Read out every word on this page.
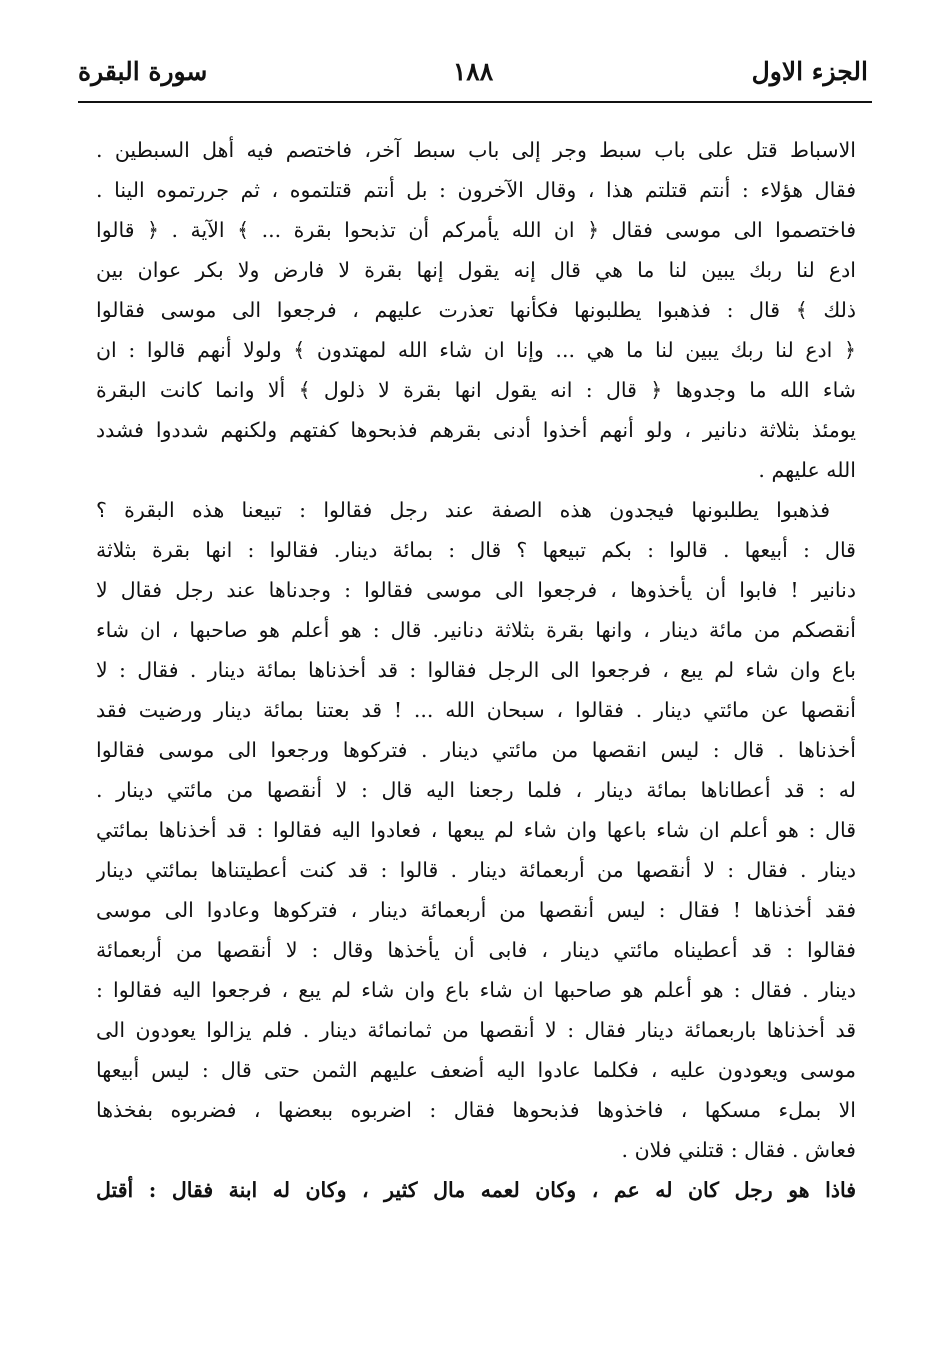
الجزء الاول
١٨٨
سورة البقرة
الاسباط قتل على باب سبط وجر إلى باب سبط آخر، فاختصم فيه أهل السبطين .
فقال هؤلاء : أنتم قتلتم هذا ، وقال الآخرون : بل أنتم قتلتموه ، ثم جررتموه الينا .
فاختصموا الى موسى فقال ﴿ ان الله يأمركم أن تذبحوا بقرة ... ﴾ الآية . ﴿ قالوا
ادع لنا ربك يبين لنا ما هي قال إنه يقول إنها بقرة لا فارض ولا بكر عوان بين
ذلك ﴾ قال : فذهبوا يطلبونها فكأنها تعذرت عليهم ، فرجعوا الى موسى فقالوا
﴿ ادع لنا ربك يبين لنا ما هي ... وإنا ان شاء الله لمهتدون ﴾ ولولا أنهم قالوا : ان
شاء الله ما وجدوها ﴿ قال : انه يقول انها بقرة لا ذلول ﴾ ألا وانما كانت البقرة
يومئذ بثلاثة دنانير ، ولو أنهم أخذوا أدنى بقرهم فذبحوها كفتهم ولكنهم شددوا فشدد
الله عليهم .
فذهبوا يطلبونها فيجدون هذه الصفة عند رجل فقالوا : تبيعنا هذه البقرة ؟
قال : أبيعها . قالوا : بكم تبيعها ؟ قال : بمائة دينار. فقالوا : انها بقرة بثلاثة
دنانير ! فابوا أن يأخذوها ، فرجعوا الى موسى فقالوا : وجدناها عند رجل فقال لا
أنقصكم من مائة دينار ، وانها بقرة بثلاثة دنانير. قال : هو أعلم هو صاحبها ، ان شاء
باع وان شاء لم يبع ، فرجعوا الى الرجل فقالوا : قد أخذناها بمائة دينار . فقال : لا
أنقصها عن مائتي دينار . فقالوا ، سبحان الله ... ! قد بعتنا بمائة دينار ورضيت فقد
أخذناها . قال : ليس انقصها من مائتي دينار . فتركوها ورجعوا الى موسى فقالوا
له : قد أعطاناها بمائة دينار ، فلما رجعنا اليه قال : لا أنقصها من مائتي دينار .
قال : هو أعلم ان شاء باعها وان شاء لم يبعها ، فعادوا اليه فقالوا : قد أخذناها بمائتي
دينار . فقال : لا أنقصها من أربعمائة دينار . قالوا : قد كنت أعطيتناها بمائتي دينار
فقد أخذناها ! فقال : ليس أنقصها من أربعمائة دينار ، فتركوها وعادوا الى موسى
فقالوا : قد أعطيناه مائتي دينار ، فابى أن يأخذها وقال : لا أنقصها من أربعمائة
دينار . فقال : هو أعلم هو صاحبها ان شاء باع وان شاء لم يبع ، فرجعوا اليه فقالوا :
قد أخذناها باربعمائة دينار فقال : لا أنقصها من ثمانمائة دينار . فلم يزالوا يعودون الى
موسى ويعودون عليه ، فكلما عادوا اليه أضعف عليهم الثمن حتى قال : ليس أبيعها
الا بملء مسكها ، فاخذوها فذبحوها فقال : اضربوه ببعضها ، فضربوه بفخذها
فعاش . فقال : قتلني فلان .
فاذا هو رجل كان له عم ، وكان لعمه مال كثير ، وكان له ابنة فقال : أقتل
